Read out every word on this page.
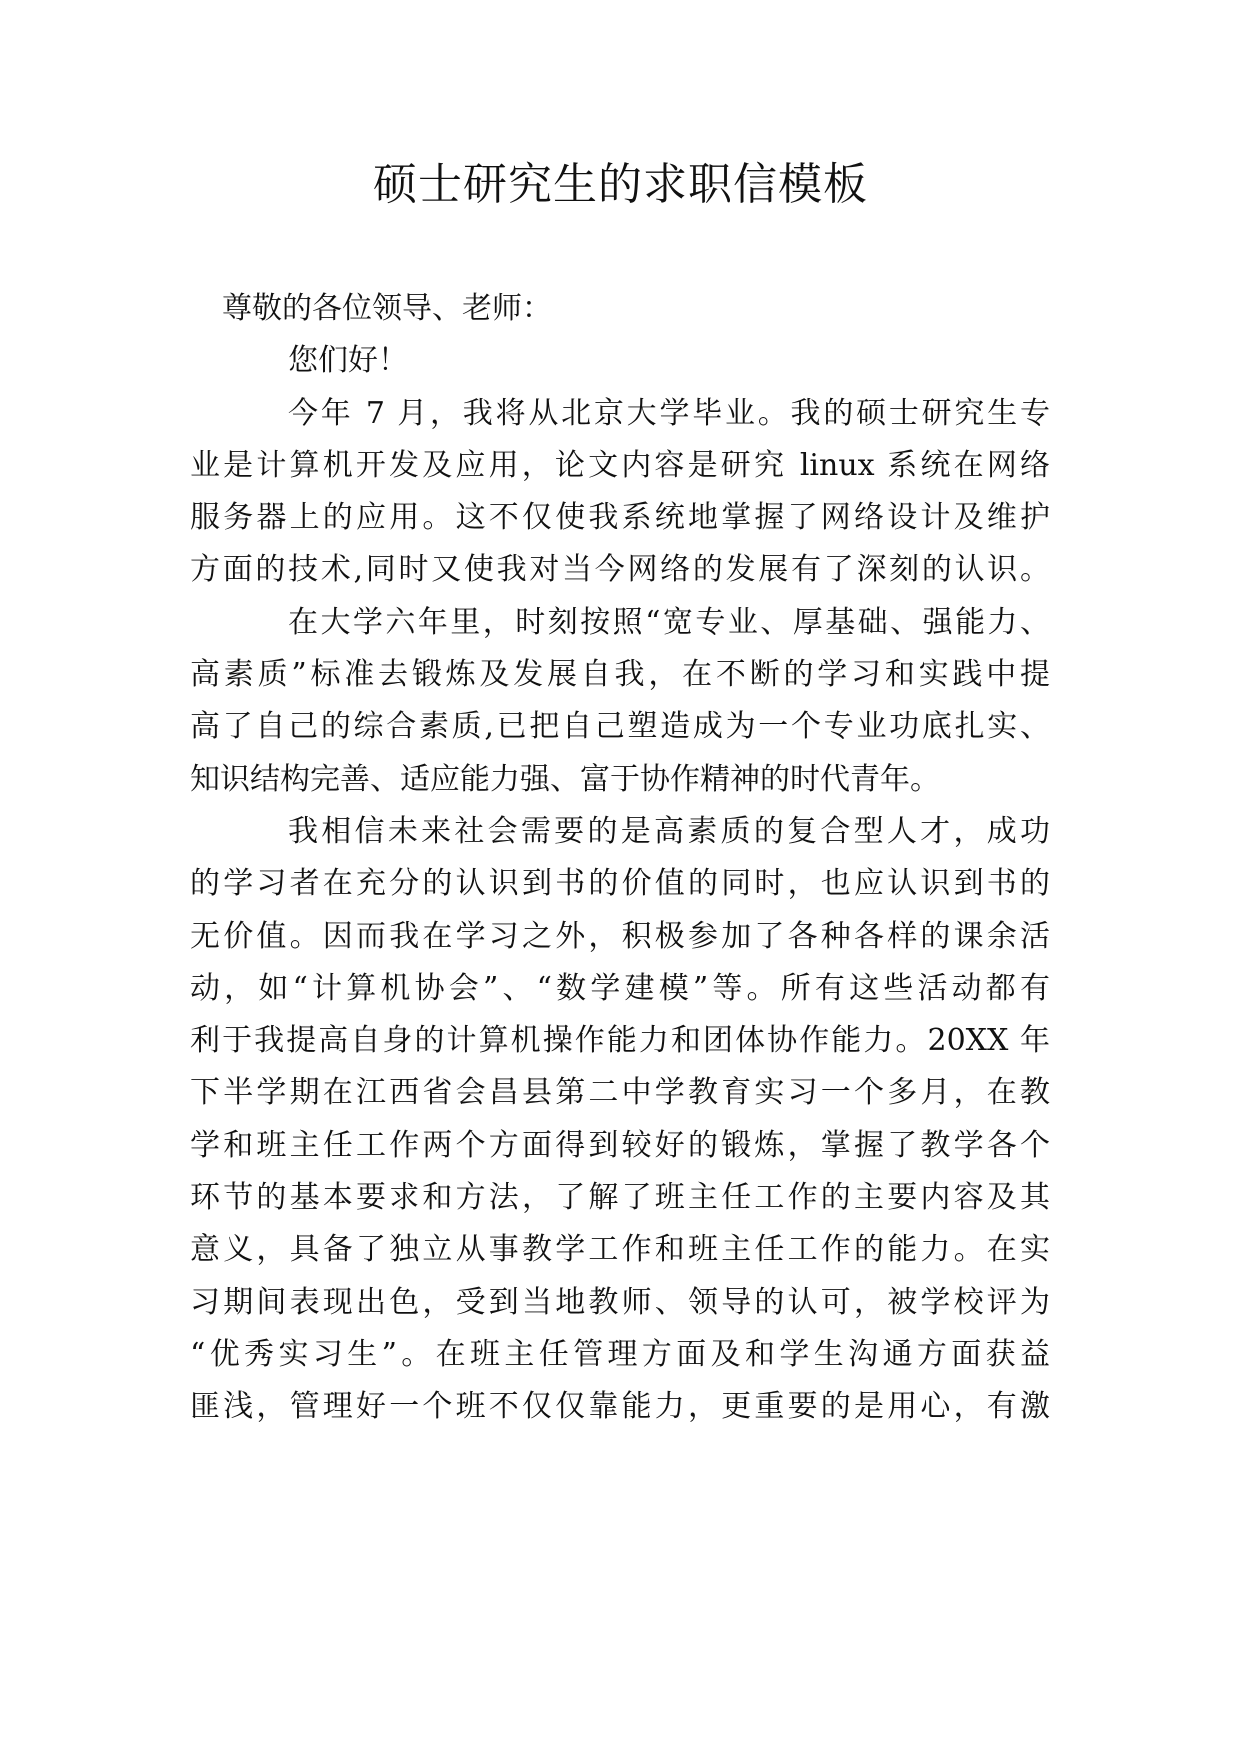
硕士研究生的求职信模板
尊敬的各位领导、老师：
您们好！
今年 7 月，我将从北京大学毕业。我的硕士研究生专
业是计算机开发及应用，论文内容是研究 linux 系统在网络
服务器上的应用。这不仅使我系统地掌握了网络设计及维护
方面的技术,同时又使我对当今网络的发展有了深刻的认识。
在大学六年里，时刻按照“宽专业、厚基础、强能力、
高素质”标准去锻炼及发展自我，在不断的学习和实践中提
高了自己的综合素质,已把自己塑造成为一个专业功底扎实、
知识结构完善、适应能力强、富于协作精神的时代青年。
我相信未来社会需要的是高素质的复合型人才，成功
的学习者在充分的认识到书的价值的同时，也应认识到书的
无价值。因而我在学习之外，积极参加了各种各样的课余活
动，如“计算机协会”、“数学建模”等。所有这些活动都有
利于我提高自身的计算机操作能力和团体协作能力。20XX 年
下半学期在江西省会昌县第二中学教育实习一个多月，在教
学和班主任工作两个方面得到较好的锻炼，掌握了教学各个
环节的基本要求和方法，了解了班主任工作的主要内容及其
意义，具备了独立从事教学工作和班主任工作的能力。在实
习期间表现出色，受到当地教师、领导的认可，被学校评为
“优秀实习生”。在班主任管理方面及和学生沟通方面获益
匪浅，管理好一个班不仅仅靠能力，更重要的是用心，有激
